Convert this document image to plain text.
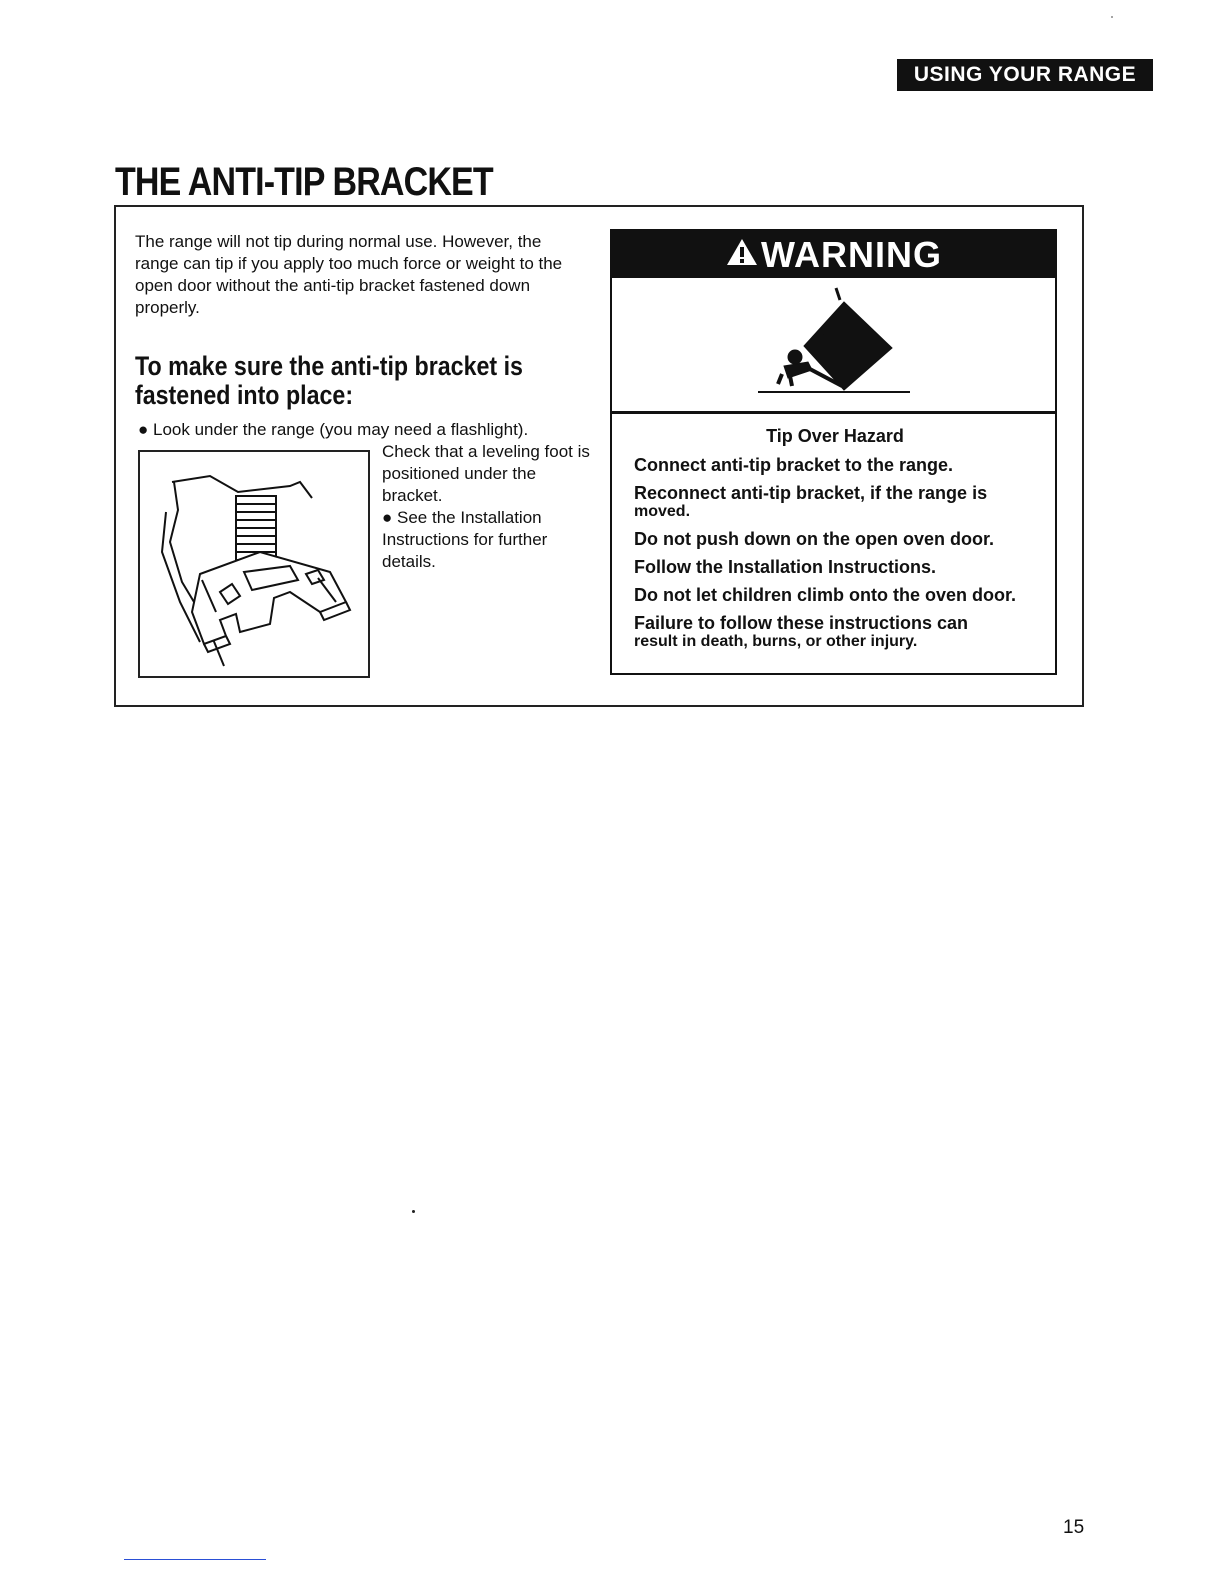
USING YOUR RANGE
THE ANTI-TIP BRACKET

The range will not tip during normal use. However, the range can tip if you apply too much force or weight to the open door without the anti-tip bracket fastened down properly.

To make sure the anti-tip bracket is fastened into place:

● Look under the range (you may need a flashlight).

Check that a leveling foot is positioned under the bracket.
● See the Installation Instructions for further details.

WARNING

Tip Over Hazard

Connect anti-tip bracket to the range.

Reconnect anti-tip bracket, if the range is

moved.

Do not push down on the open oven door.

Follow the Installation Instructions.

Do not let children climb onto the oven door.

Failure to follow these instructions can

result in death, burns, or other injury.

15
